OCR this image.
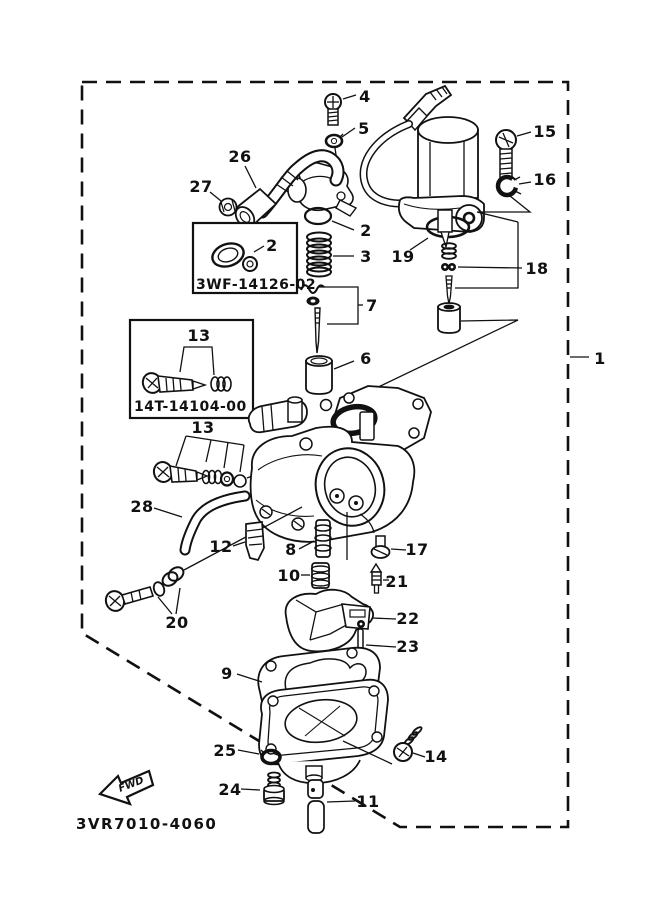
1
4
5
26
27
2
3WF-14126-02
2
3
7
6
15
16
19
18
13
14T-14104-00
13
28
20
12	8
10
17
21
22
23
9
25
24
11
14
FWD
3VR7010-4060
